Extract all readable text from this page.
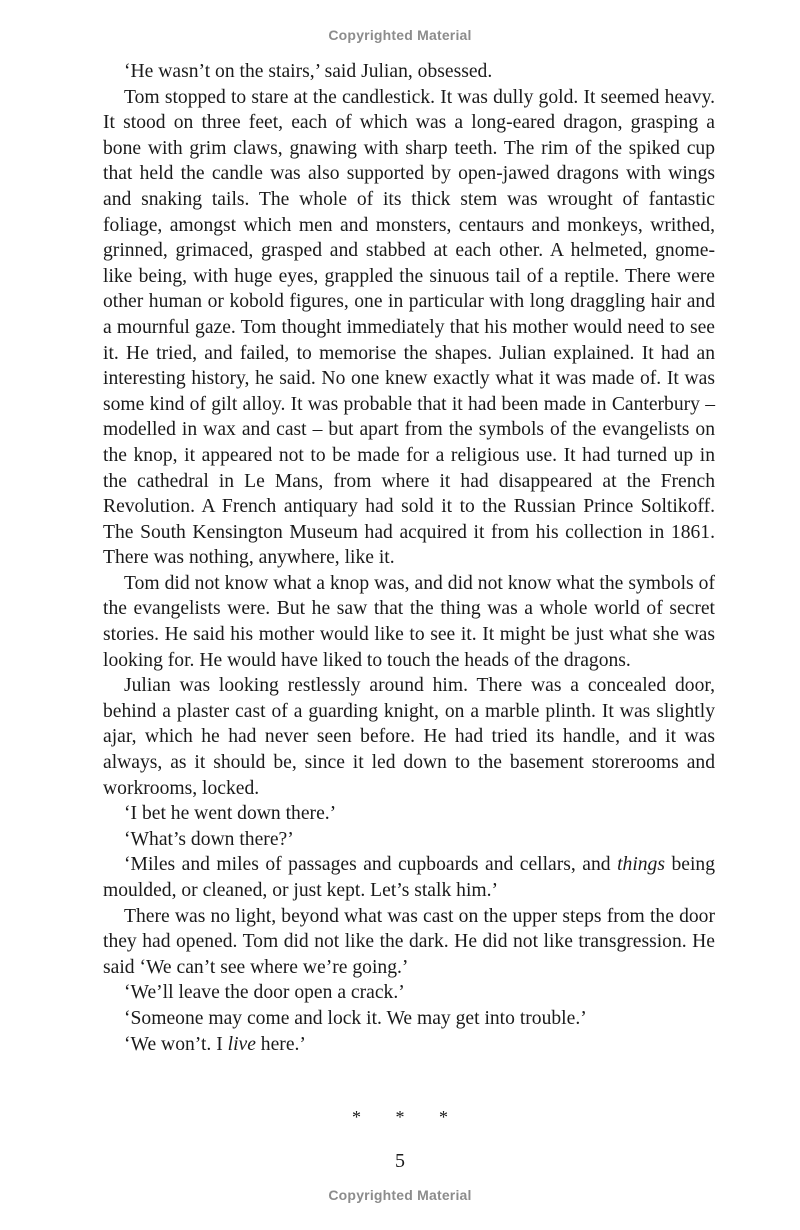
Copyrighted Material

‘He wasn’t on the stairs,’ said Julian, obsessed.

Tom stopped to stare at the candlestick. It was dully gold. It seemed heavy. It stood on three feet, each of which was a long-eared dragon, grasping a bone with grim claws, gnawing with sharp teeth. The rim of the spiked cup that held the candle was also supported by open-jawed dragons with wings and snaking tails. The whole of its thick stem was wrought of fantastic foliage, amongst which men and monsters, centaurs and monkeys, writhed, grinned, grimaced, grasped and stabbed at each other. A helmeted, gnome-like being, with huge eyes, grappled the sinuous tail of a reptile. There were other human or kobold figures, one in particular with long draggling hair and a mournful gaze. Tom thought immediately that his mother would need to see it. He tried, and failed, to memorise the shapes. Julian explained. It had an interesting history, he said. No one knew exactly what it was made of. It was some kind of gilt alloy. It was probable that it had been made in Canterbury – modelled in wax and cast – but apart from the symbols of the evangelists on the knop, it appeared not to be made for a religious use. It had turned up in the cathedral in Le Mans, from where it had disappeared at the French Revolution. A French antiquary had sold it to the Russian Prince Soltikoff. The South Kensington Museum had acquired it from his collection in 1861. There was nothing, anywhere, like it.

Tom did not know what a knop was, and did not know what the symbols of the evangelists were. But he saw that the thing was a whole world of secret stories. He said his mother would like to see it. It might be just what she was looking for. He would have liked to touch the heads of the dragons.

Julian was looking restlessly around him. There was a concealed door, behind a plaster cast of a guarding knight, on a marble plinth. It was slightly ajar, which he had never seen before. He had tried its handle, and it was always, as it should be, since it led down to the basement storerooms and workrooms, locked.

‘I bet he went down there.’

‘What’s down there?’

‘Miles and miles of passages and cupboards and cellars, and things being moulded, or cleaned, or just kept. Let’s stalk him.’

There was no light, beyond what was cast on the upper steps from the door they had opened. Tom did not like the dark. He did not like transgression. He said ‘We can’t see where we’re going.’

‘We’ll leave the door open a crack.’

‘Someone may come and lock it. We may get into trouble.’

‘We won’t. I live here.’

* * *
5
Copyrighted Material
